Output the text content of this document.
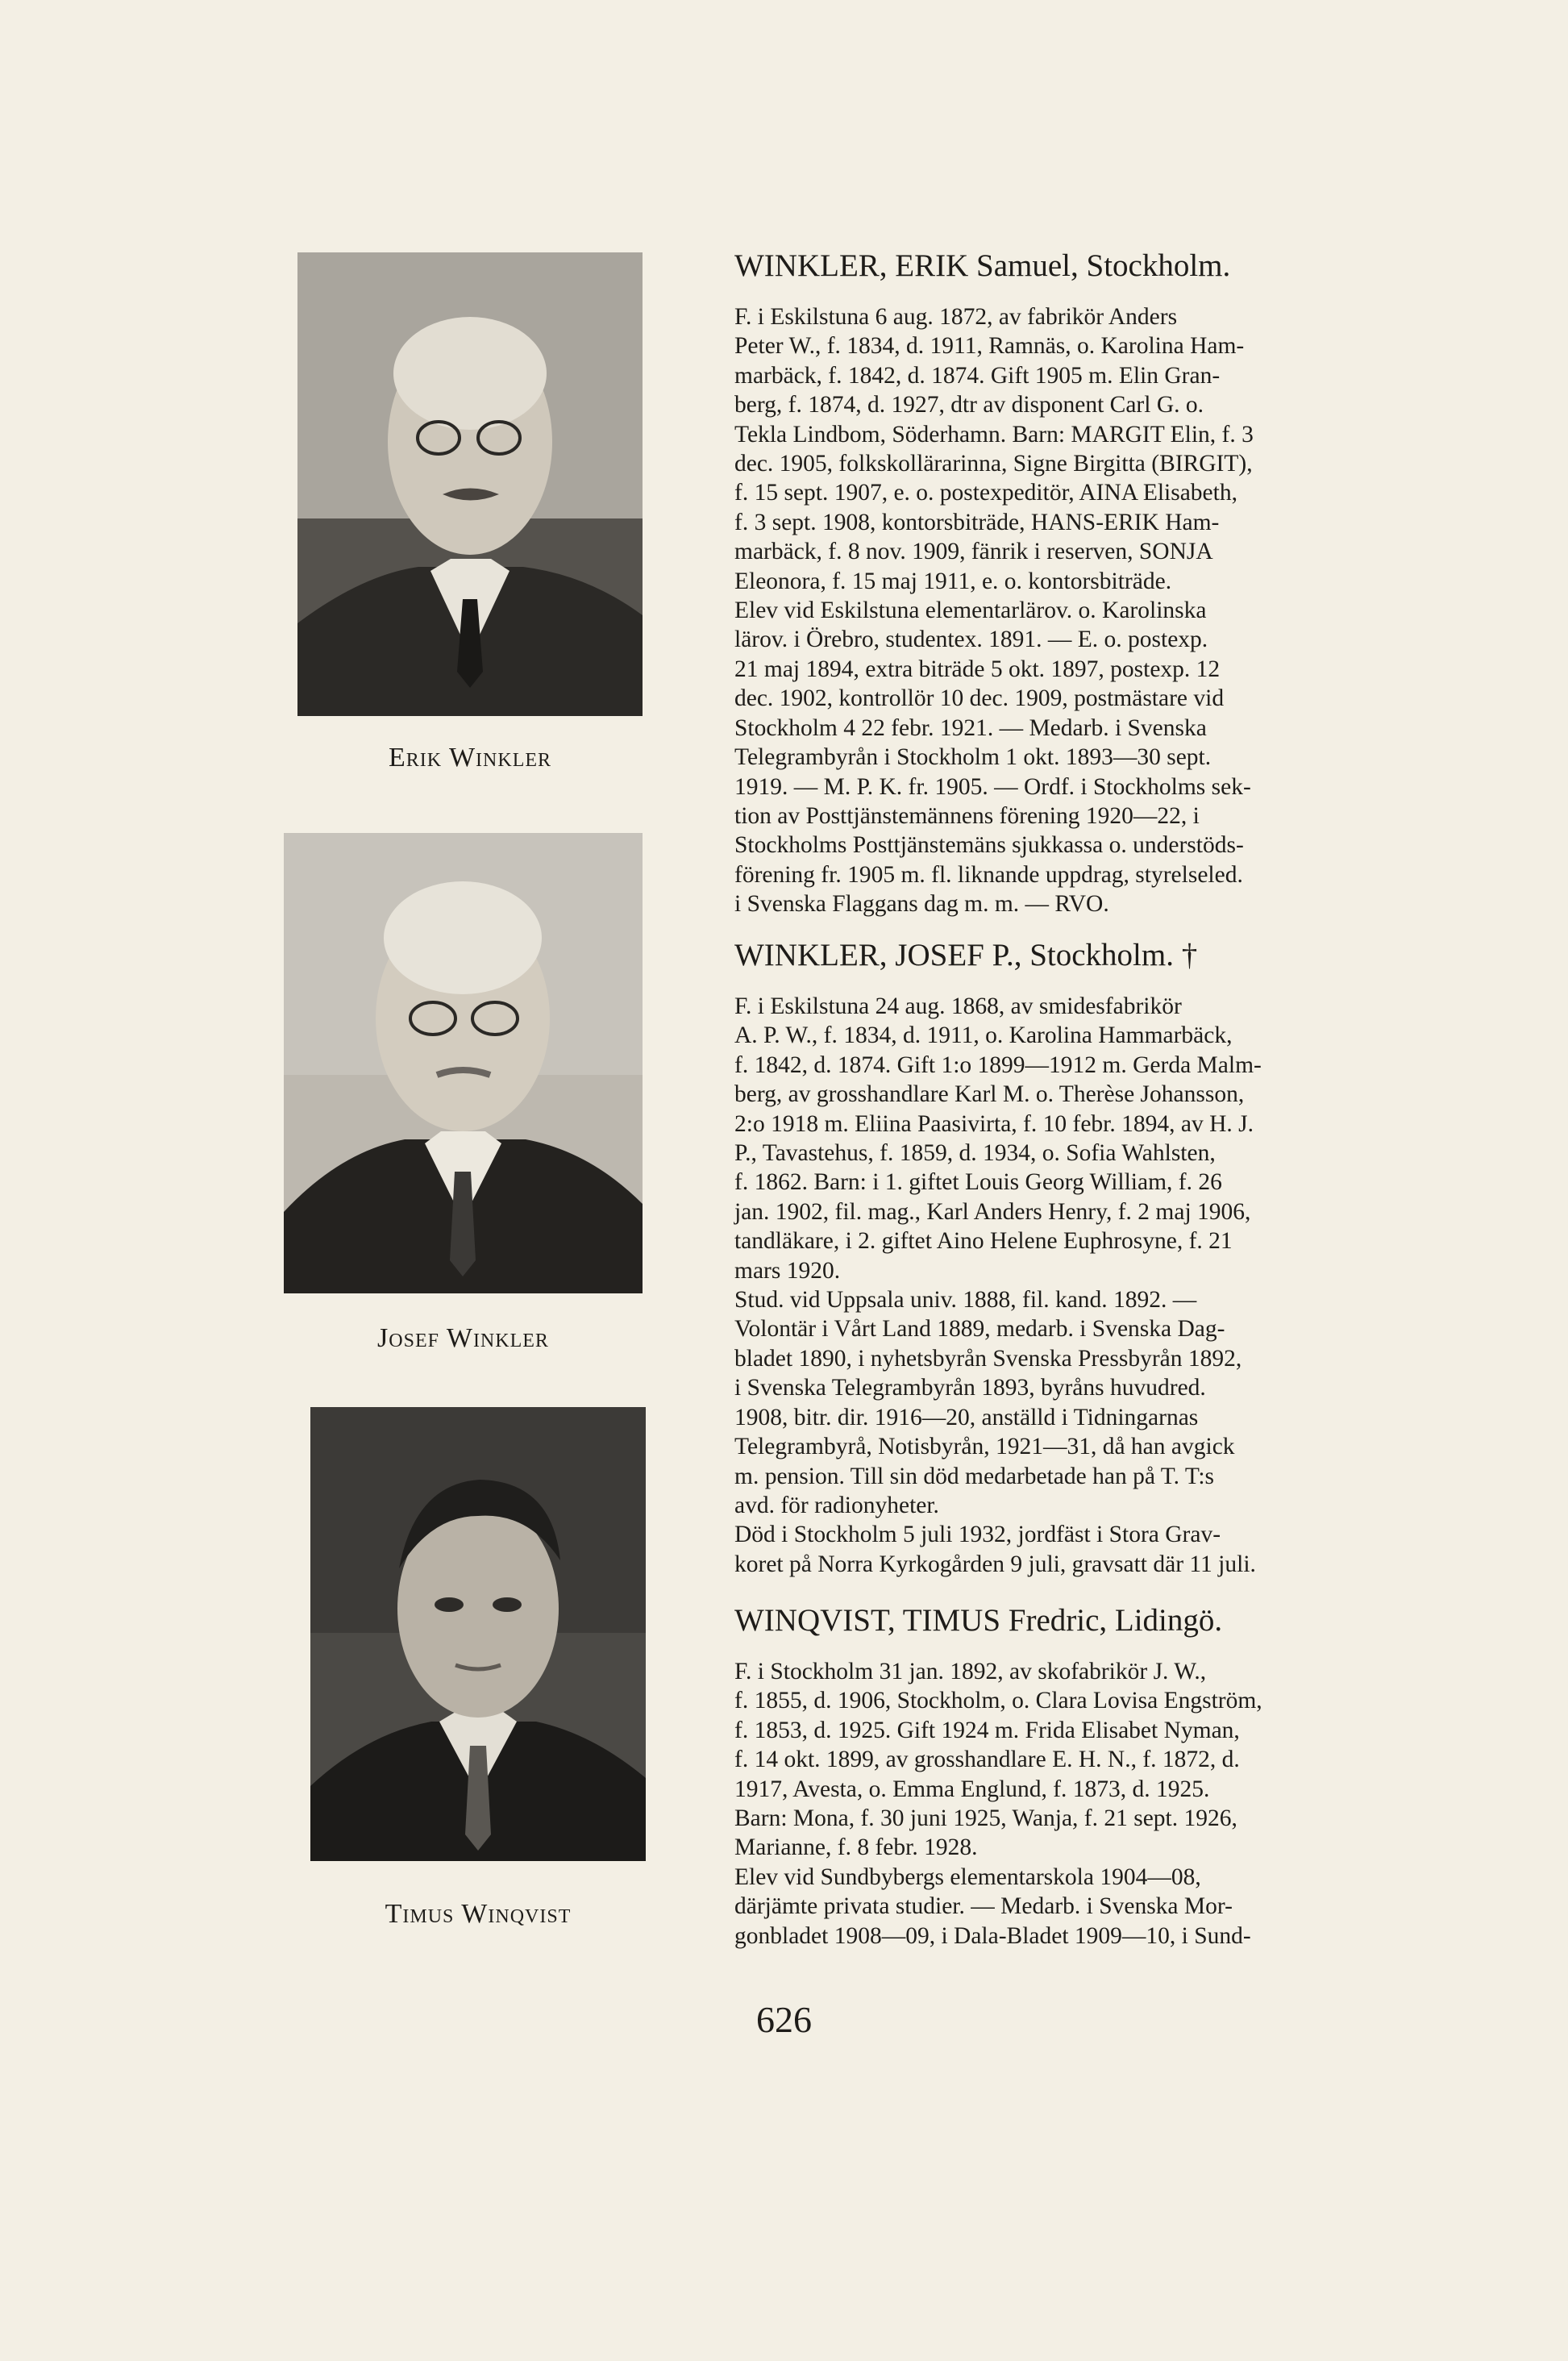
Erik Winkler
Josef Winkler
Timus Winqvist
WINKLER, ERIK Samuel, Stockholm.
F. i Eskilstuna 6 aug. 1872, av fabrikör Anders
Peter W., f. 1834, d. 1911, Ramnäs, o. Karolina Ham-
marbäck, f. 1842, d. 1874. Gift 1905 m. Elin Gran-
berg, f. 1874, d. 1927, dtr av disponent Carl G. o.
Tekla Lindbom, Söderhamn. Barn: MARGIT Elin, f. 3
dec. 1905, folkskollärarinna, Signe Birgitta (BIRGIT),
f. 15 sept. 1907, e. o. postexpeditör, AINA Elisabeth,
f. 3 sept. 1908, kontorsbiträde, HANS-ERIK Ham-
marbäck, f. 8 nov. 1909, fänrik i reserven, SONJA
Eleonora, f. 15 maj 1911, e. o. kontorsbiträde.
Elev vid Eskilstuna elementarlärov. o. Karolinska
lärov. i Örebro, studentex. 1891. — E. o. postexp.
21 maj 1894, extra biträde 5 okt. 1897, postexp. 12
dec. 1902, kontrollör 10 dec. 1909, postmästare vid
Stockholm 4 22 febr. 1921. — Medarb. i Svenska
Telegrambyrån i Stockholm 1 okt. 1893—30 sept.
1919. — M. P. K. fr. 1905. — Ordf. i Stockholms sek-
tion av Posttjänstemännens förening 1920—22, i
Stockholms Posttjänstemäns sjukkassa o. understöds-
förening fr. 1905 m. fl. liknande uppdrag, styrelseled.
i Svenska Flaggans dag m. m. — RVO.
WINKLER, JOSEF P., Stockholm. †
F. i Eskilstuna 24 aug. 1868, av smidesfabrikör
A. P. W., f. 1834, d. 1911, o. Karolina Hammarbäck,
f. 1842, d. 1874. Gift 1:o 1899—1912 m. Gerda Malm-
berg, av grosshandlare Karl M. o. Therèse Johansson,
2:o 1918 m. Eliina Paasivirta, f. 10 febr. 1894, av H. J.
P., Tavastehus, f. 1859, d. 1934, o. Sofia Wahlsten,
f. 1862. Barn: i 1. giftet Louis Georg William, f. 26
jan. 1902, fil. mag., Karl Anders Henry, f. 2 maj 1906,
tandläkare, i 2. giftet Aino Helene Euphrosyne, f. 21
mars 1920.
Stud. vid Uppsala univ. 1888, fil. kand. 1892. —
Volontär i Vårt Land 1889, medarb. i Svenska Dag-
bladet 1890, i nyhetsbyrån Svenska Pressbyrån 1892,
i Svenska Telegrambyrån 1893, byråns huvudred.
1908, bitr. dir. 1916—20, anställd i Tidningarnas
Telegrambyrå, Notisbyrån, 1921—31, då han avgick
m. pension. Till sin död medarbetade han på T. T:s
avd. för radionyheter.
Död i Stockholm 5 juli 1932, jordfäst i Stora Grav-
koret på Norra Kyrkogården 9 juli, gravsatt där 11 juli.
WINQVIST, TIMUS Fredric, Lidingö.
F. i Stockholm 31 jan. 1892, av skofabrikör J. W.,
f. 1855, d. 1906, Stockholm, o. Clara Lovisa Engström,
f. 1853, d. 1925. Gift 1924 m. Frida Elisabet Nyman,
f. 14 okt. 1899, av grosshandlare E. H. N., f. 1872, d.
1917, Avesta, o. Emma Englund, f. 1873, d. 1925.
Barn: Mona, f. 30 juni 1925, Wanja, f. 21 sept. 1926,
Marianne, f. 8 febr. 1928.
Elev vid Sundbybergs elementarskola 1904—08,
därjämte privata studier. — Medarb. i Svenska Mor-
gonbladet 1908—09, i Dala-Bladet 1909—10, i Sund-
626
